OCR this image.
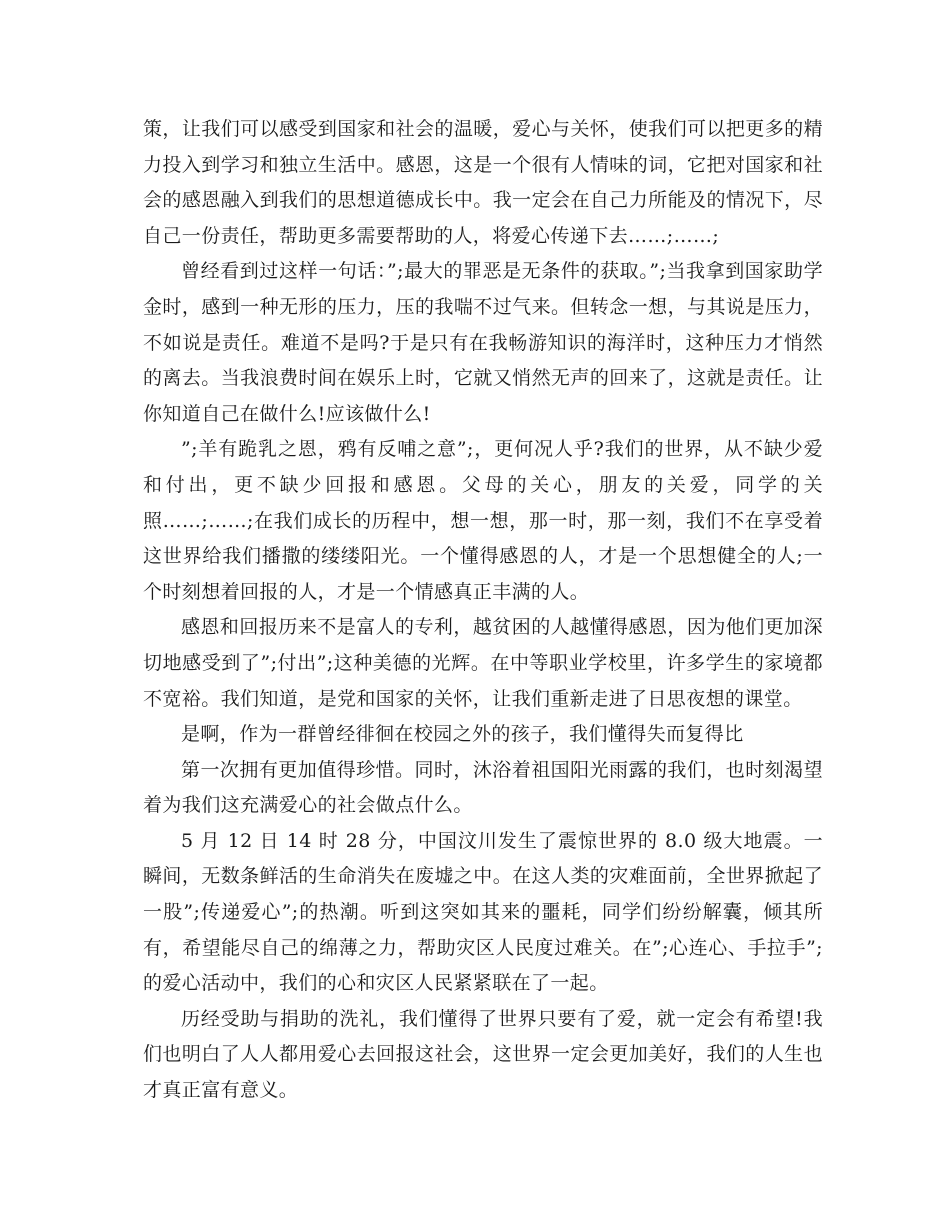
策，让我们可以感受到国家和社会的温暖，爱心与关怀，使我们可以把更多的精力投入到学习和独立生活中。感恩，这是一个很有人情味的词，它把对国家和社会的感恩融入到我们的思想道德成长中。我一定会在自己力所能及的情况下，尽自己一份责任，帮助更多需要帮助的人，将爱心传递下去……;……;

曾经看到过这样一句话：”;最大的罪恶是无条件的获取。”;当我拿到国家助学金时，感到一种无形的压力，压的我喘不过气来。但转念一想，与其说是压力，不如说是责任。难道不是吗?于是只有在我畅游知识的海洋时，这种压力才悄然的离去。当我浪费时间在娱乐上时，它就又悄然无声的回来了，这就是责任。让你知道自己在做什么!应该做什么!

”;羊有跪乳之恩，鸦有反哺之意”;，更何况人乎?我们的世界，从不缺少爱和付出，更不缺少回报和感恩。父母的关心，朋友的关爱，同学的关照……;……;在我们成长的历程中，想一想，那一时，那一刻，我们不在享受着这世界给我们播撒的缕缕阳光。一个懂得感恩的人，才是一个思想健全的人;一个时刻想着回报的人，才是一个情感真正丰满的人。

感恩和回报历来不是富人的专利，越贫困的人越懂得感恩，因为他们更加深切地感受到了”;付出”;这种美德的光辉。在中等职业学校里，许多学生的家境都不宽裕。我们知道，是党和国家的关怀，让我们重新走进了日思夜想的课堂。

是啊，作为一群曾经徘徊在校园之外的孩子，我们懂得失而复得比

第一次拥有更加值得珍惜。同时，沐浴着祖国阳光雨露的我们，也时刻渴望着为我们这充满爱心的社会做点什么。

5 月 12 日 14 时 28 分，中国汶川发生了震惊世界的 8.0 级大地震。一瞬间，无数条鲜活的生命消失在废墟之中。在这人类的灾难面前，全世界掀起了一股”;传递爱心”;的热潮。听到这突如其来的噩耗，同学们纷纷解囊，倾其所有，希望能尽自己的绵薄之力，帮助灾区人民度过难关。在”;心连心、手拉手”;的爱心活动中，我们的心和灾区人民紧紧联在了一起。

历经受助与捐助的洗礼，我们懂得了世界只要有了爱，就一定会有希望!我们也明白了人人都用爱心去回报这社会，这世界一定会更加美好，我们的人生也才真正富有意义。
